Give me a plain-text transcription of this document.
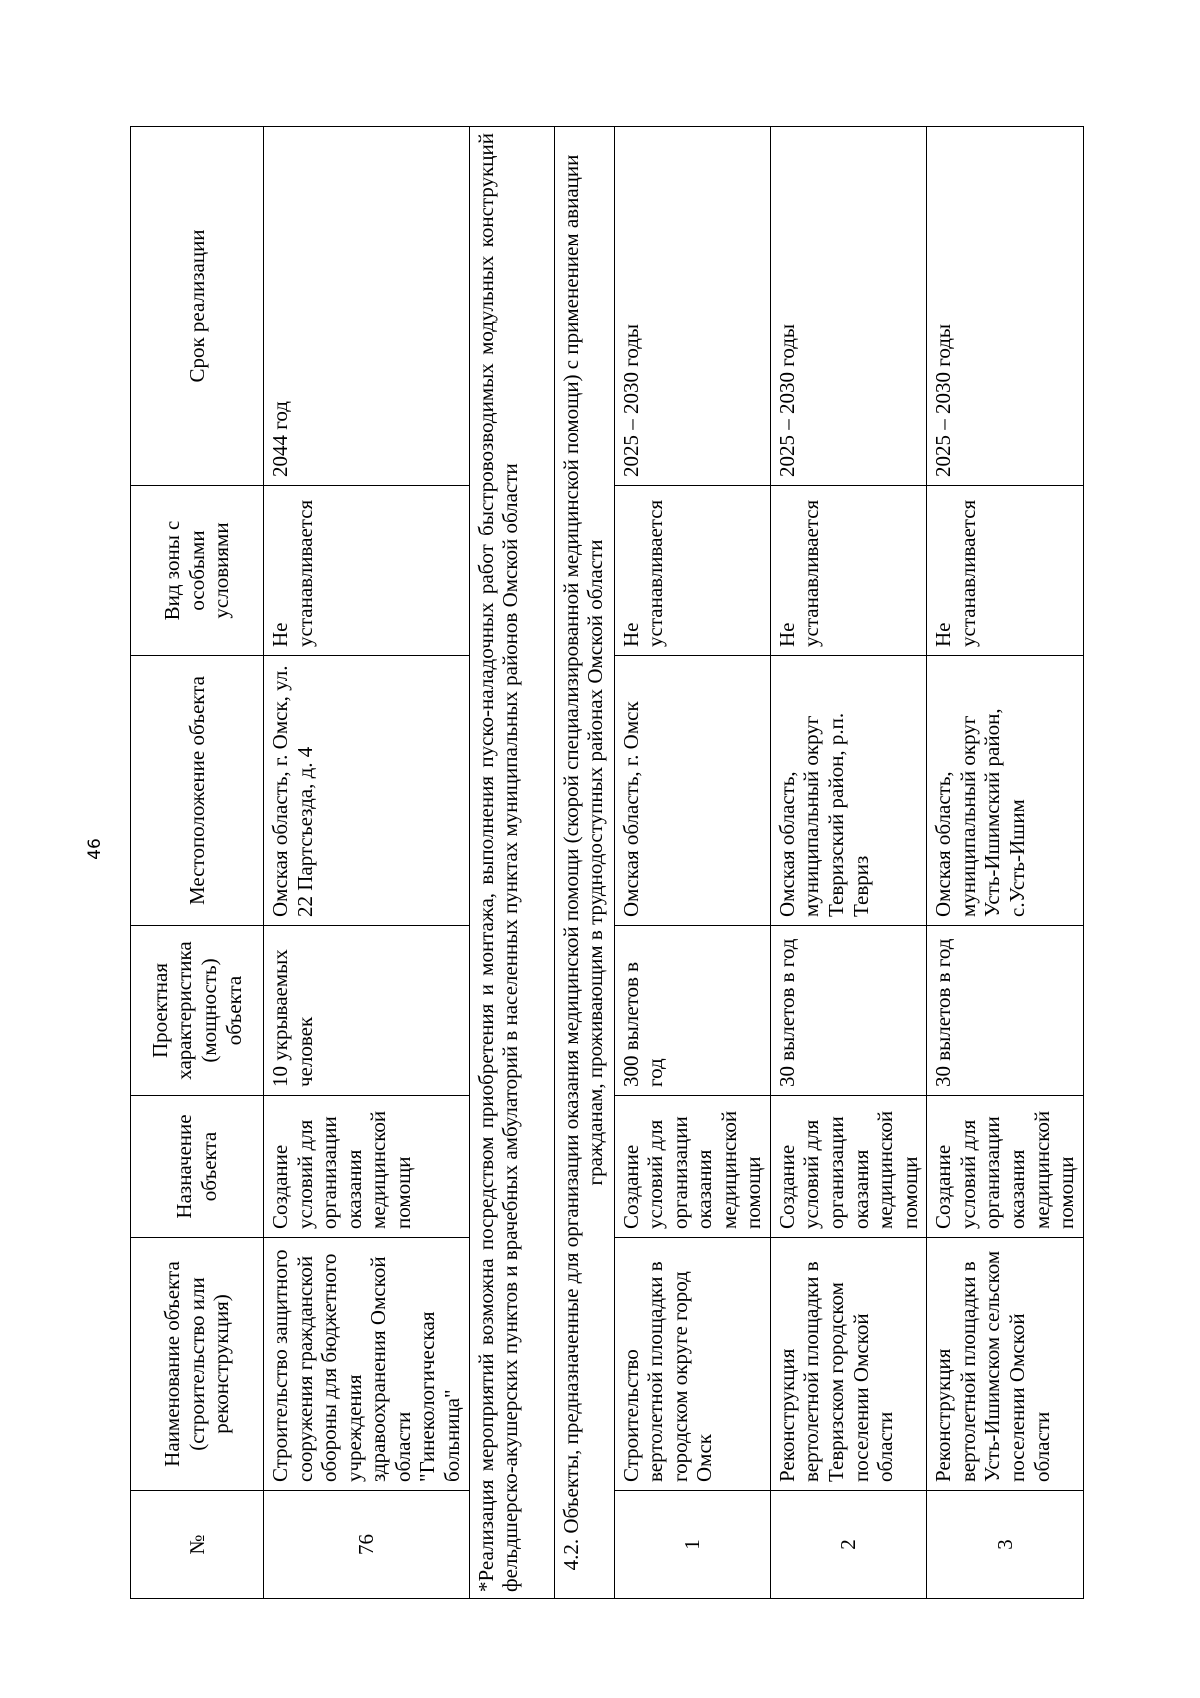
46
№	Наименование объекта (строительство или реконструкция)	Назначение объекта	Проектная характеристика (мощность) объекта	Местоположение объекта	Вид зоны с особыми условиями	Срок реализации
76	Строительство защитного сооружения гражданской обороны для бюджетного учреждения здравоохранения Омской области "Гинекологическая больница"	Создание условий для организации оказания медицинской помощи	10 укрываемых человек	Омская область, г. Омск, ул. 22 Партсъезда, д. 4	Не устанавливается	2044 год
*Реализация мероприятий возможна посредством приобретения и монтажа, выполнения пуско-наладочных работ быстровозводимых модульных конструкций фельдшерско-акушерских пунктов и врачебных амбулаторий в населенных пунктах муниципальных районов Омской области						
4.2. Объекты, предназначенные для организации оказания медицинской помощи (скорой специализированной медицинской помощи) с применением авиации гражданам, проживающим в труднодоступных районах Омской области						
1	Строительство вертолетной площадки в городском округе город Омск	Создание условий для организации оказания медицинской помощи	300 вылетов в год	Омская область, г. Омск	Не устанавливается	2025 – 2030 годы
2	Реконструкция вертолетной площадки в Тевризском городском поселении Омской области	Создание условий для организации оказания медицинской помощи	30 вылетов в год	Омская область, муниципальный округ Тевризский район, р.п. Тевриз	Не устанавливается	2025 – 2030 годы
3	Реконструкция вертолетной площадки в Усть-Ишимском сельском поселении Омской области	Создание условий для организации оказания медицинской помощи	30 вылетов в год	Омская область, муниципальный округ Усть-Ишимский район, с.Усть-Ишим	Не устанавливается	2025 – 2030 годы
